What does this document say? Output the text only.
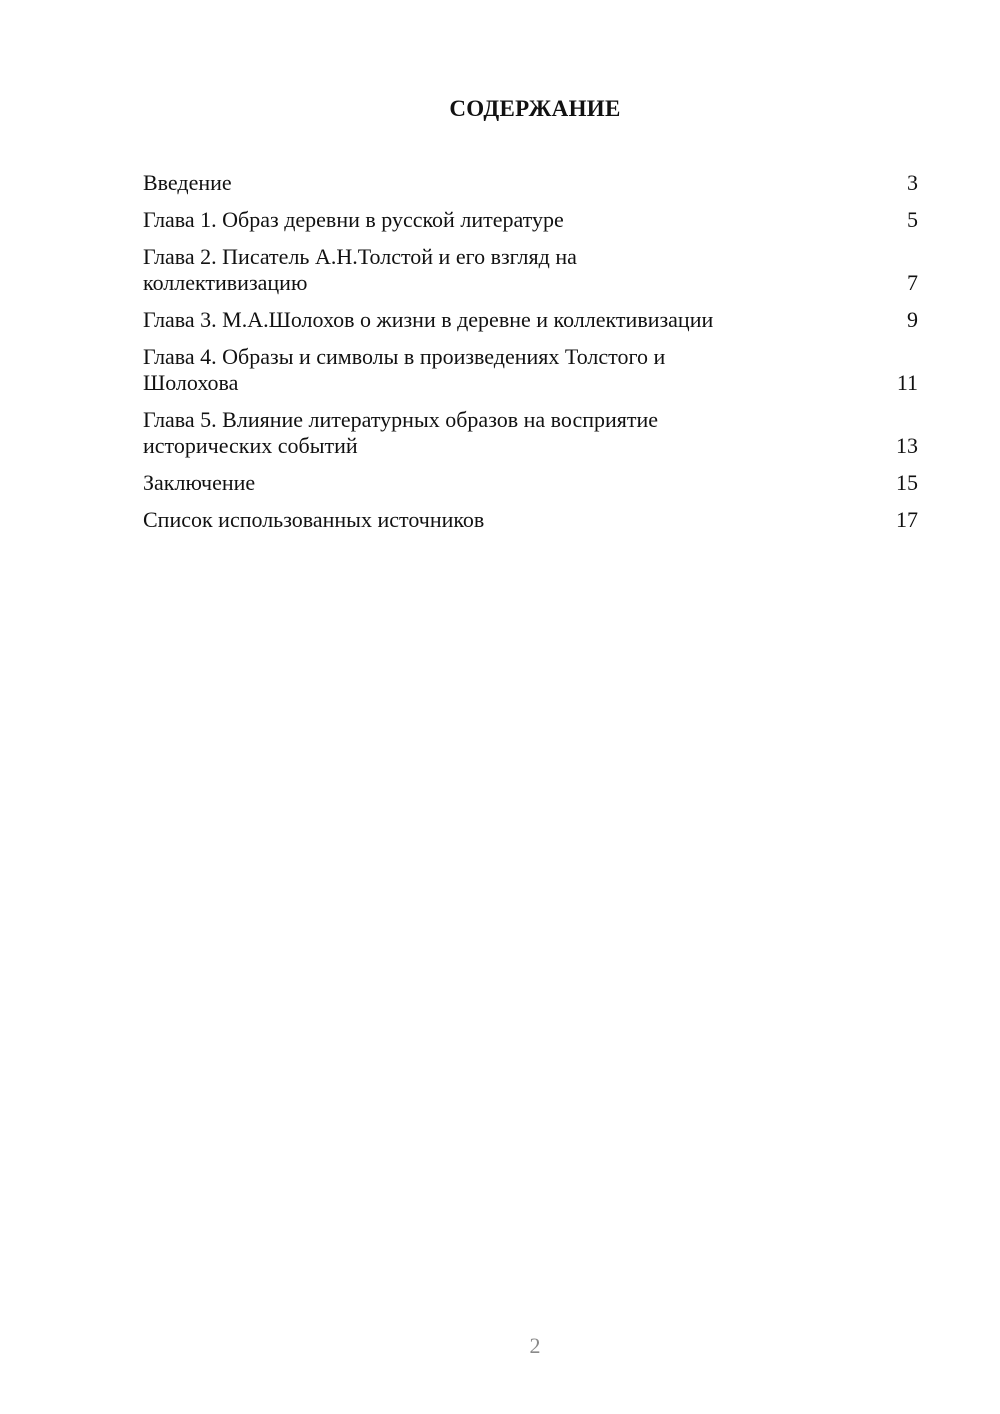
СОДЕРЖАНИЕ
Введение	3
Глава 1. Образ деревни в русской литературе	5
Глава 2. Писатель А.Н.Толстой и его взгляд на коллективизацию	7
Глава 3. М.А.Шолохов о жизни в деревне и коллективизации	9
Глава 4. Образы и символы в произведениях Толстого и Шолохова	11
Глава 5. Влияние литературных образов на восприятие исторических событий	13
Заключение	15
Список использованных источников	17
2
